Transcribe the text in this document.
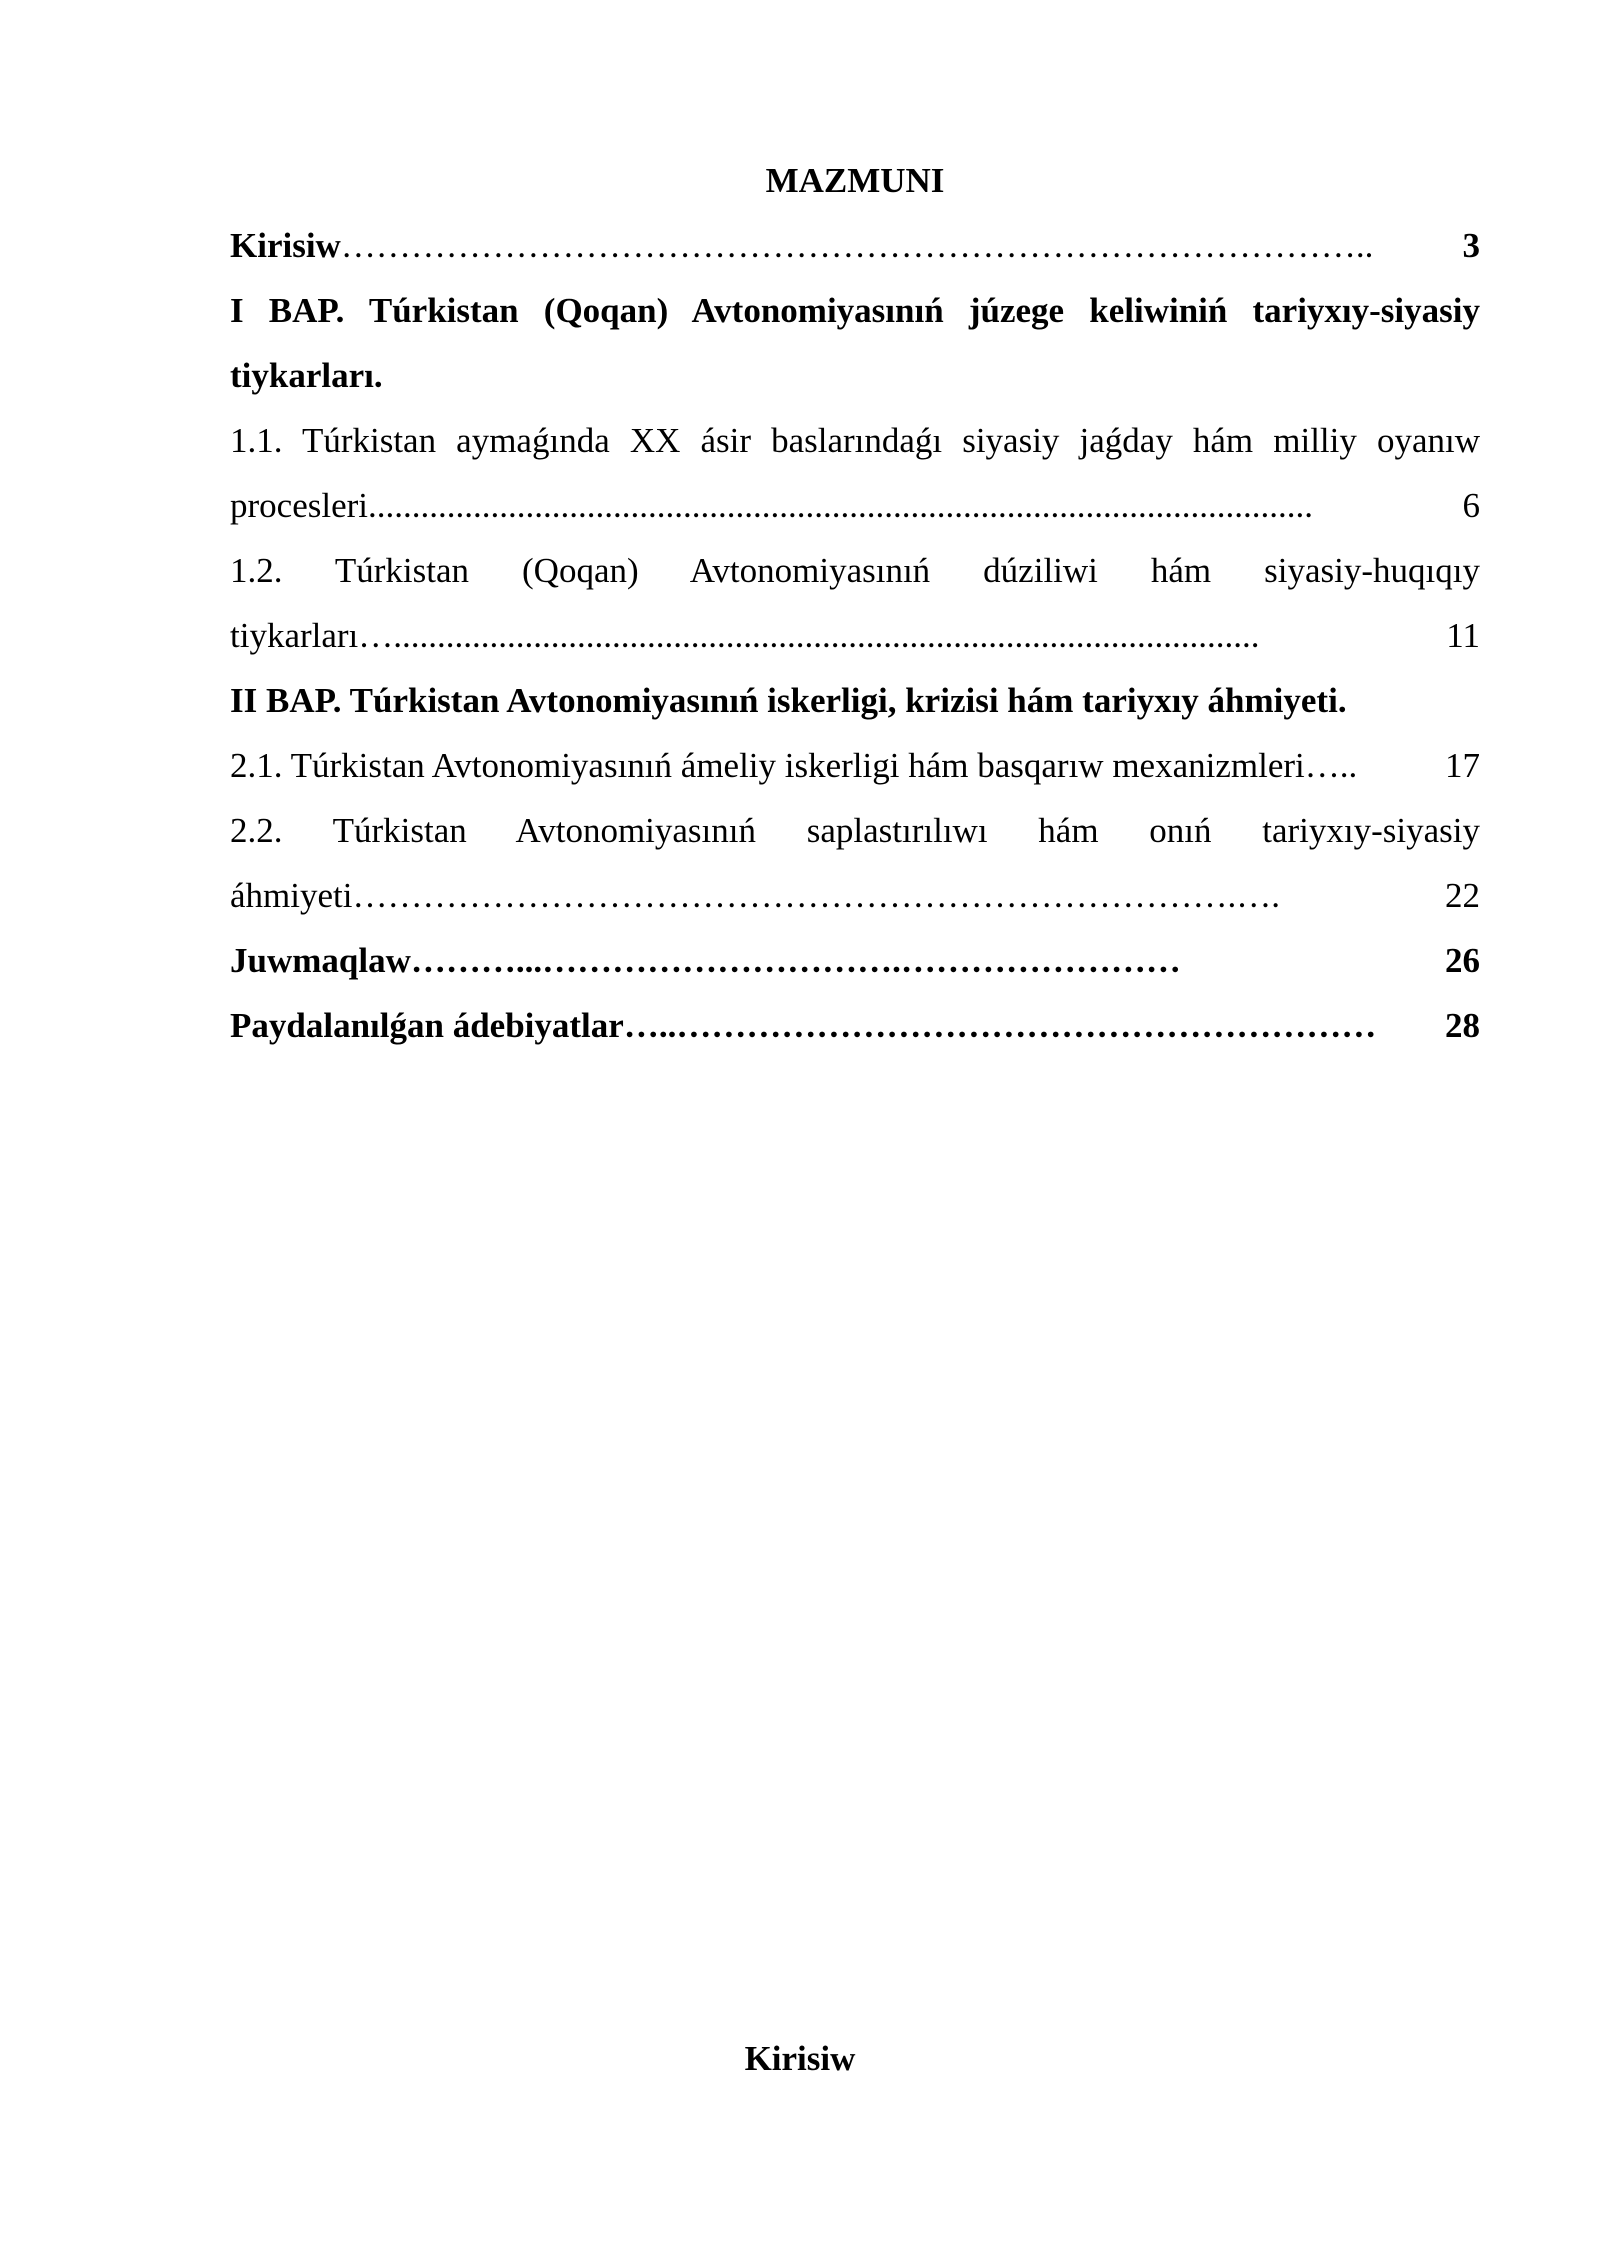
MAZMUNI
Kirisiw ……………………………………………………………………………..	3
I BAP. Túrkistan (Qoqan) Avtonomiyasınıń júzege keliwiniń tariyxıy-siyasiy
tiykarları.
1.1. Túrkistan aymaǵında XX ásir baslarındaǵı siyasiy jaǵday hám milliy oyanıw
procesleri ............................................................................................................	6
1.2. Túrkistan (Qoqan) Avtonomiyasınıń dúziliwi hám siyasiy-huqıqıy
tiykarları …...................................................................................................	11
II BAP. Túrkistan Avtonomiyasınıń iskerligi, krizisi hám tariyxıy áhmiyeti.
2.1. Túrkistan Avtonomiyasınıń ámeliy iskerligi hám basqarıw mexanizmleri …..	17
2.2. Túrkistan Avtonomiyasınıń saplastırılıwı hám onıń tariyxıy-siyasiy
áhmiyeti ………………………………………………………………….….	22
Juwmaqlaw ………...………………………….……………………	26
Paydalanılǵan ádebiyatlar …..……………………………………………………	28
Kirisiw
